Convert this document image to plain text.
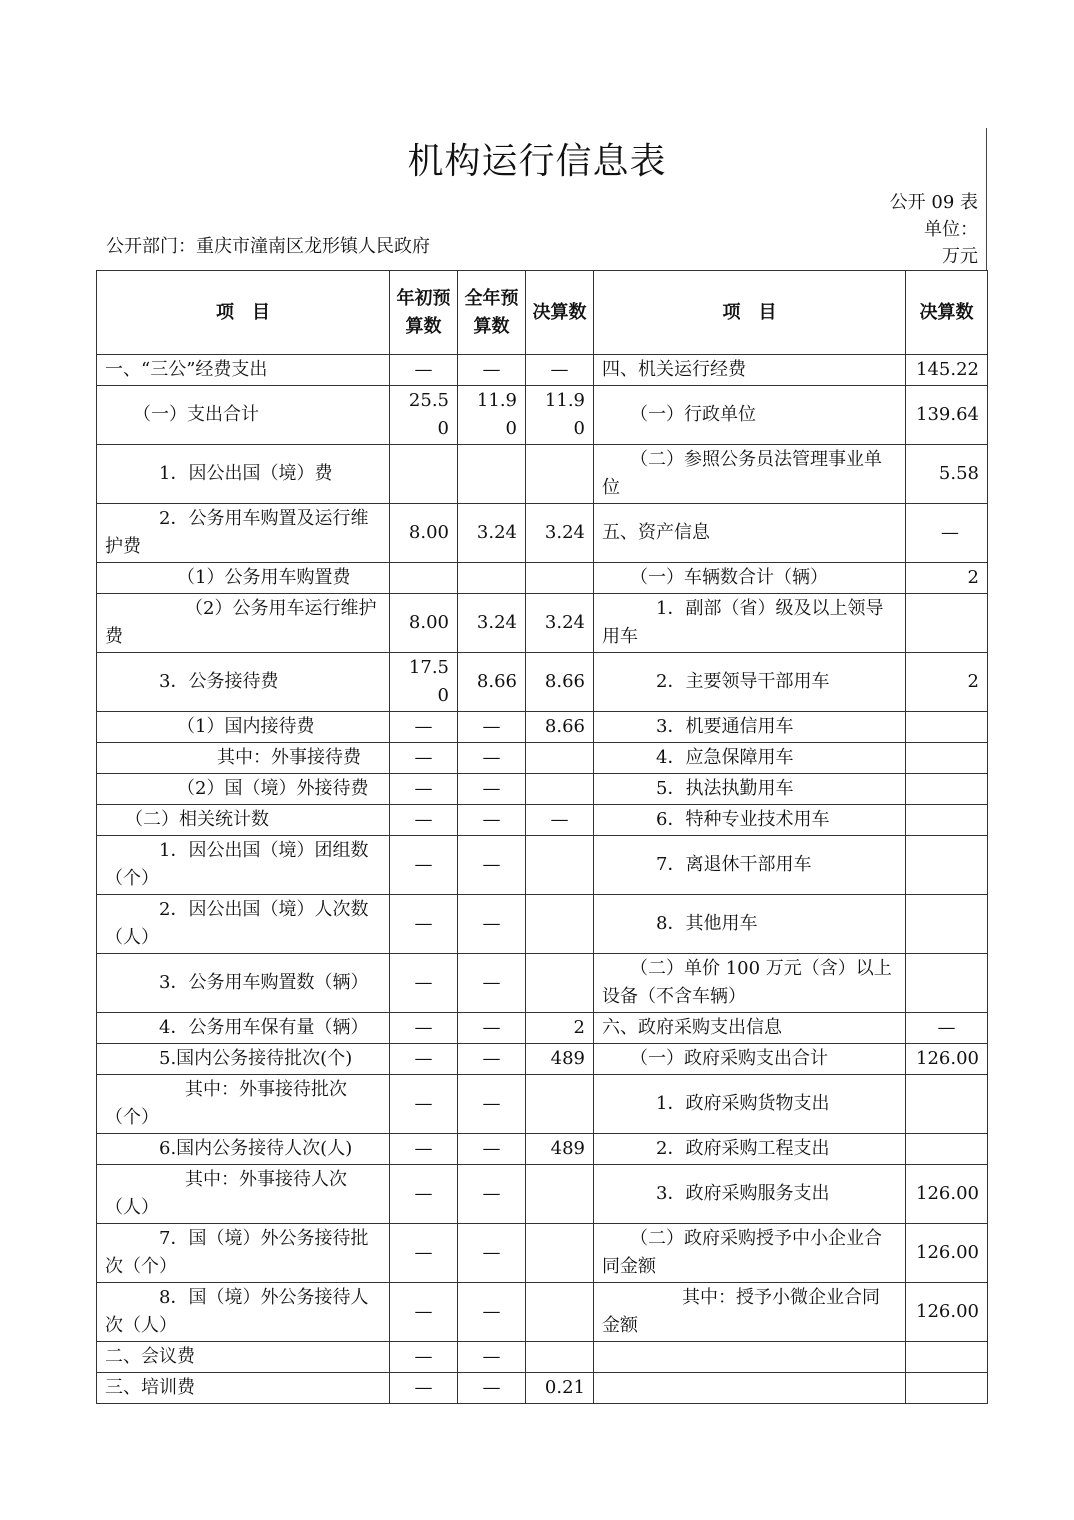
机构运行信息表
公开 09 表
公开部门：重庆市潼南区龙形镇人民政府
单位：
万元
项　目	年初预算数	全年预算数	决算数	项　目	决算数
一、“三公”经费支出	—	—	—	四、机关运行经费	145.22
（一）支出合计	25.50	11.90	11.90	（一）行政单位	139.64
1．因公出国（境）费				（二）参照公务员法管理事业单位	5.58
2．公务用车购置及运行维护费	8.00	3.24	3.24	五、资产信息	—
（1）公务用车购置费				（一）车辆数合计（辆）	2
（2）公务用车运行维护费	8.00	3.24	3.24	1．副部（省）级及以上领导用车	
3．公务接待费	17.50	8.66	8.66	2．主要领导干部用车	2
（1）国内接待费	—	—	8.66	3．机要通信用车	
其中：外事接待费	—	—		4．应急保障用车	
（2）国（境）外接待费	—	—		5．执法执勤用车	
（二）相关统计数	—	—	—	6．特种专业技术用车	
1．因公出国（境）团组数（个）	—	—		7．离退休干部用车	
2．因公出国（境）人次数（人）	—	—		8．其他用车	
3．公务用车购置数（辆）	—	—		（二）单价 100 万元（含）以上设备（不含车辆）	
4．公务用车保有量（辆）	—	—	2	六、政府采购支出信息	—
5.国内公务接待批次(个)	—	—	489	（一）政府采购支出合计	126.00
其中：外事接待批次（个）	—	—		1．政府采购货物支出	
6.国内公务接待人次(人)	—	—	489	2．政府采购工程支出	
其中：外事接待人次（人）	—	—		3．政府采购服务支出	126.00
7．国（境）外公务接待批次（个）	—	—		（二）政府采购授予中小企业合同金额	126.00
8．国（境）外公务接待人次（人）	—	—		其中：授予小微企业合同金额	126.00
二、会议费	—	—			
三、培训费	—	—	0.21		
